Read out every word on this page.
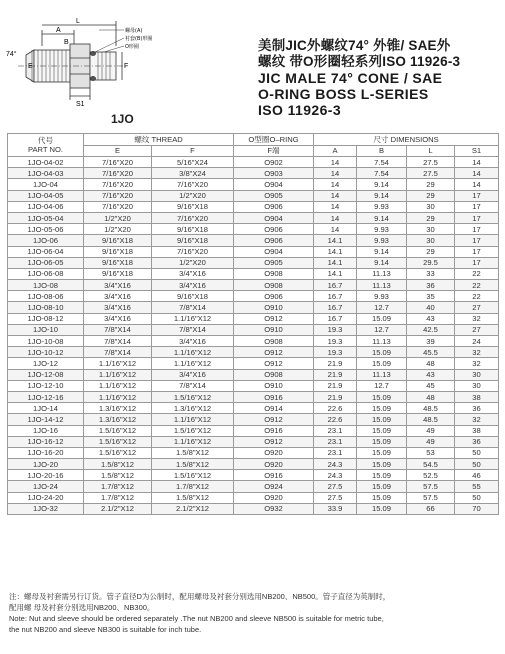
A
L
B
E	F
S1
74°
螺母(A)
衬套(B)形圈
O形圈	美制JIC外螺纹74° 外锥/ SAE外
螺纹 带O形圈轻系列ISO 11926-3
JIC MALE 74° CONE / SAE
O-RING BOSS L-SERIES
ISO 11926-3
1JO
代号
PART NO.	螺纹 THREAD		O型圈O–RING	尺寸 DIMENSIONS			
	E	F	F端	A	B	L	S1
1JO-04-02	7/16"X20	5/16"X24	O902	14	7.54	27.5	14
1JO-04-03	7/16"X20	3/8"X24	O903	14	7.54	27.5	14
1JO-04	7/16"X20	7/16"X20	O904	14	9.14	29	14
1JO-04-05	7/16"X20	1/2"X20	O905	14	9.14	29	17
1JO-04-06	7/16"X20	9/16"X18	O906	14	9.93	30	17
1JO-05-04	1/2"X20	7/16"X20	O904	14	9.14	29	17
1JO-05-06	1/2"X20	9/16"X18	O906	14	9.93	30	17
1JO-06	9/16"X18	9/16"X18	O906	14.1	9.93	30	17
1JO-06-04	9/16"X18	7/16"X20	O904	14.1	9.14	29	17
1JO-06-05	9/16"X18	1/2"X20	O905	14.1	9.14	29.5	17
1JO-06-08	9/16"X18	3/4"X16	O908	14.1	11.13	33	22
1JO-08	3/4"X16	3/4"X16	O908	16.7	11.13	36	22
1JO-08-06	3/4"X16	9/16"X18	O906	16.7	9.93	35	22
1JO-08-10	3/4"X16	7/8"X14	O910	16.7	12.7	40	27
1JO-08-12	3/4"X16	1.1/16"X12	O912	16.7	15.09	43	32
1JO-10	7/8"X14	7/8"X14	O910	19.3	12.7	42.5	27
1JO-10-08	7/8"X14	3/4"X16	O908	19.3	11.13	39	24
1JO-10-12	7/8"X14	1.1/16"X12	O912	19.3	15.09	45.5	32
1JO-12	1.1/16"X12	1.1/16"X12	O912	21.9	15.09	48	32
1JO-12-08	1.1/16"X12	3/4"X16	O908	21.9	11.13	43	30
1JO-12-10	1.1/16"X12	7/8"X14	O910	21.9	12.7	45	30
1JO-12-16	1.1/16"X12	1.5/16"X12	O916	21.9	15.09	48	38
1JO-14	1.3/16"X12	1.3/16"X12	O914	22.6	15.09	48.5	36
1JO-14-12	1.3/16"X12	1.1/16"X12	O912	22.6	15.09	48.5	32
1JO-16	1.5/16"X12	1.5/16"X12	O916	23.1	15.09	49	38
1JO-16-12	1.5/16"X12	1.1/16"X12	O912	23.1	15.09	49	36
1JO-16-20	1.5/16"X12	1.5/8"X12	O920	23.1	15.09	53	50
1JO-20	1.5/8"X12	1.5/8"X12	O920	24.3	15.09	54.5	50
1JO-20-16	1.5/8"X12	1.5/16"X12	O916	24.3	15.09	52.5	46
1JO-24	1.7/8"X12	1.7/8"X12	O924	27.5	15.09	57.5	55
1JO-24-20	1.7/8"X12	1.5/8"X12	O920	27.5	15.09	57.5	50
1JO-32	2.1/2"X12	2.1/2"X12	O932	33.9	15.09	66	70
注：螺母及衬套需另行订货。管子直径D为公制时，配用螺母及衬套分别选用NB200、NB500。管子直径为英制时，
配用螺 母及衬套分别选用NB200、NB300。
Note: Nut and sleeve should be ordered separately .The nut NB200 and sleeve NB500 is suitable for metric tube,
the nut NB200 and sleeve NB300 is suitable for inch tube.
